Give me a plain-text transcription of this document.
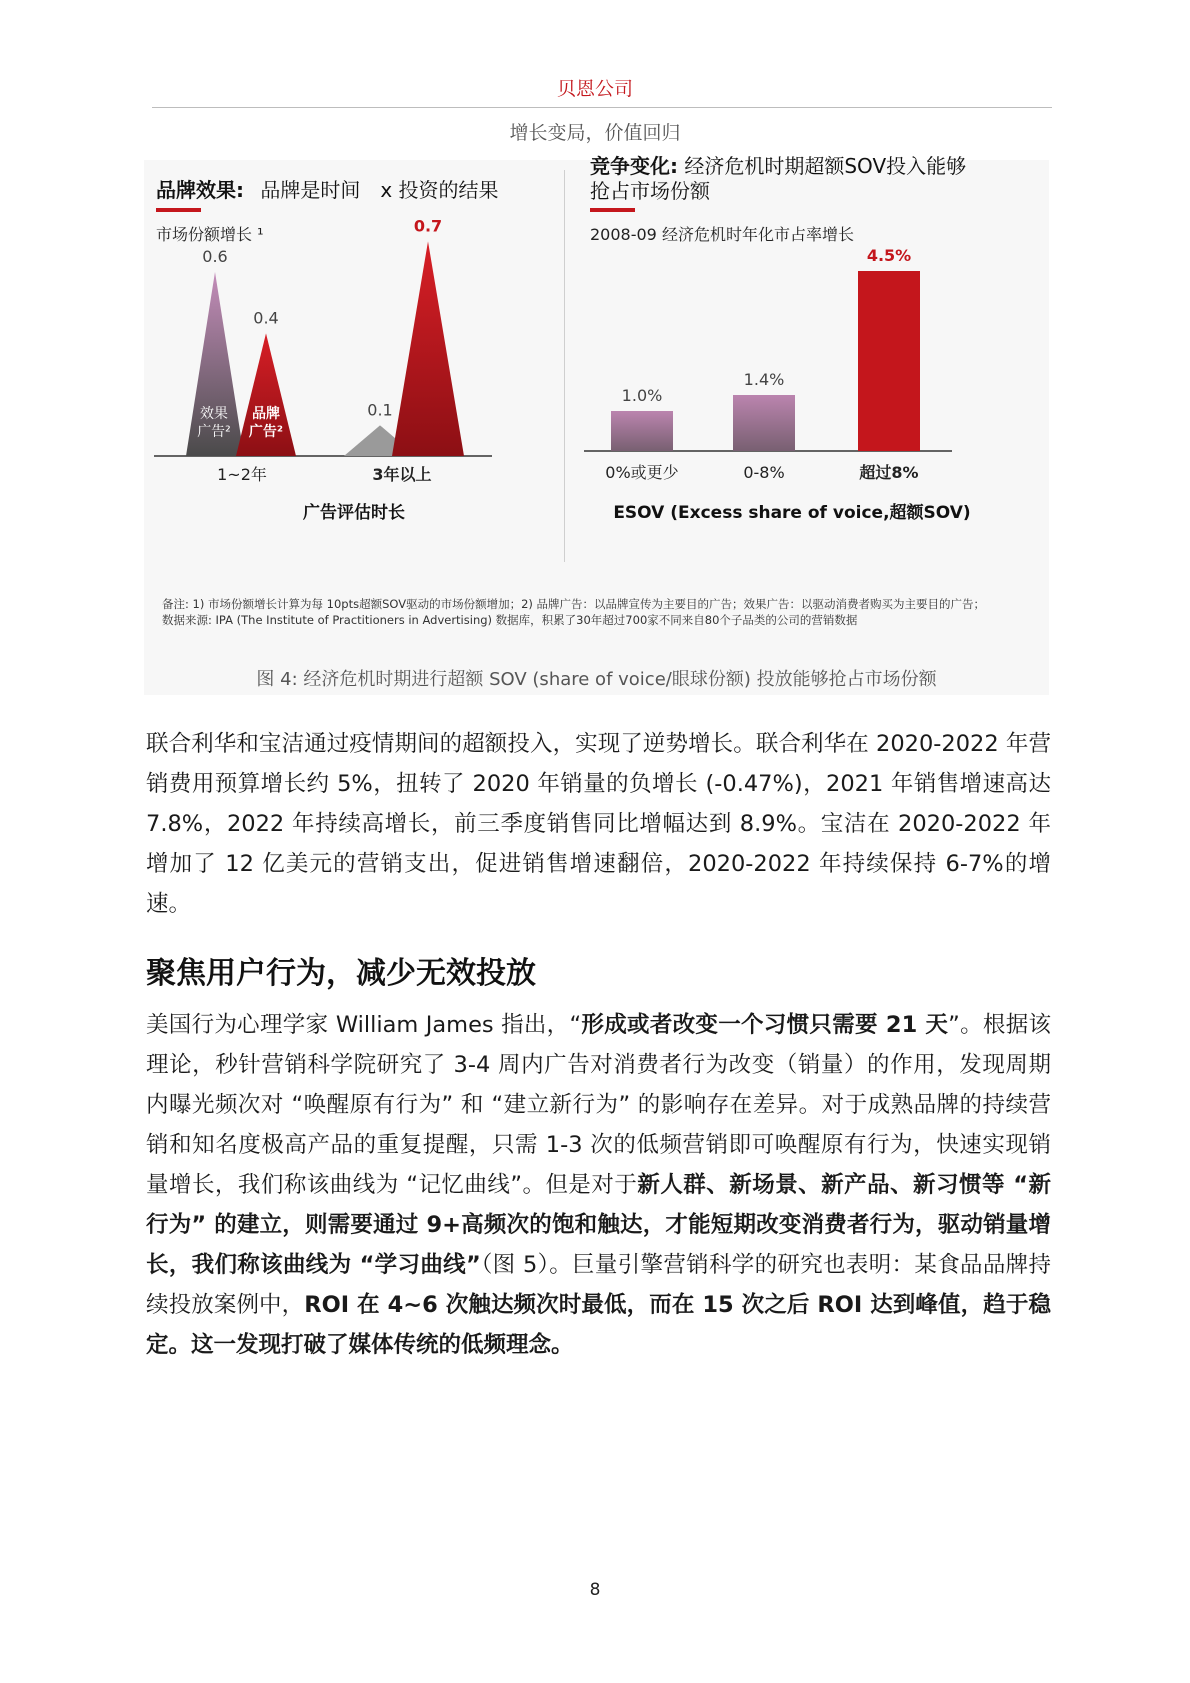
贝恩公司
增长变局，价值回归
品牌效果: 品牌是时间　x 投资的结果
市场份额增长 ¹
竞争变化: 经济危机时期超额SOV投入能够
抢占市场份额
2008-09 经济危机时年化市占率增长
0.6
0.4
1~2年
0.1
0.7
3年以上
效果
广告²
品牌
广告²
广告评估时长
1.0%
0%或更少
1.4%
0-8%
4.5%
超过8%
ESOV (Excess share of voice,超额SOV)
备注: 1) 市场份额增长计算为每 10pts超额SOV驱动的市场份额增加；2) 品牌广告：以品牌宣传为主要目的广告；效果广告：以驱动消费者购买为主要目的广告；
数据来源: IPA (The Institute of Practitioners in Advertising) 数据库，积累了30年超过700家不同来自80个子品类的公司的营销数据
图 4: 经济危机时期进行超额 SOV (share of voice/眼球份额) 投放能够抢占市场份额
联合利华和宝洁通过疫情期间的超额投入，实现了逆势增长。联合利华在 2020-2022 年营销费用预算增长约 5%，扭转了 2020 年销量的负增长 (-0.47%)，2021 年销售增速高达 7.8%，2022 年持续高增长，前三季度销售同比增幅达到 8.9%。宝洁在 2020-2022 年增加了 12 亿美元的营销支出，促进销售增速翻倍，2020-2022 年持续保持 6-7%的增速。
聚焦用户行为，减少无效投放
美国行为心理学家 William James 指出，“形成或者改变一个习惯只需要 21 天”。根据该理论，秒针营销科学院研究了 3-4 周内广告对消费者行为改变（销量）的作用，发现周期内曝光频次对 “唤醒原有行为” 和 “建立新行为” 的影响存在差异。对于成熟品牌的持续营销和知名度极高产品的重复提醒，只需 1-3 次的低频营销即可唤醒原有行为，快速实现销量增长，我们称该曲线为 “记忆曲线”。但是对于新人群、新场景、新产品、新习惯等 “新行为” 的建立，则需要通过 9+高频次的饱和触达，才能短期改变消费者行为，驱动销量增长，我们称该曲线为 “学习曲线”（图 5）。巨量引擎营销科学的研究也表明：某食品品牌持续投放案例中，ROI 在 4~6 次触达频次时最低，而在 15 次之后 ROI 达到峰值，趋于稳定。这一发现打破了媒体传统的低频理念。
8
